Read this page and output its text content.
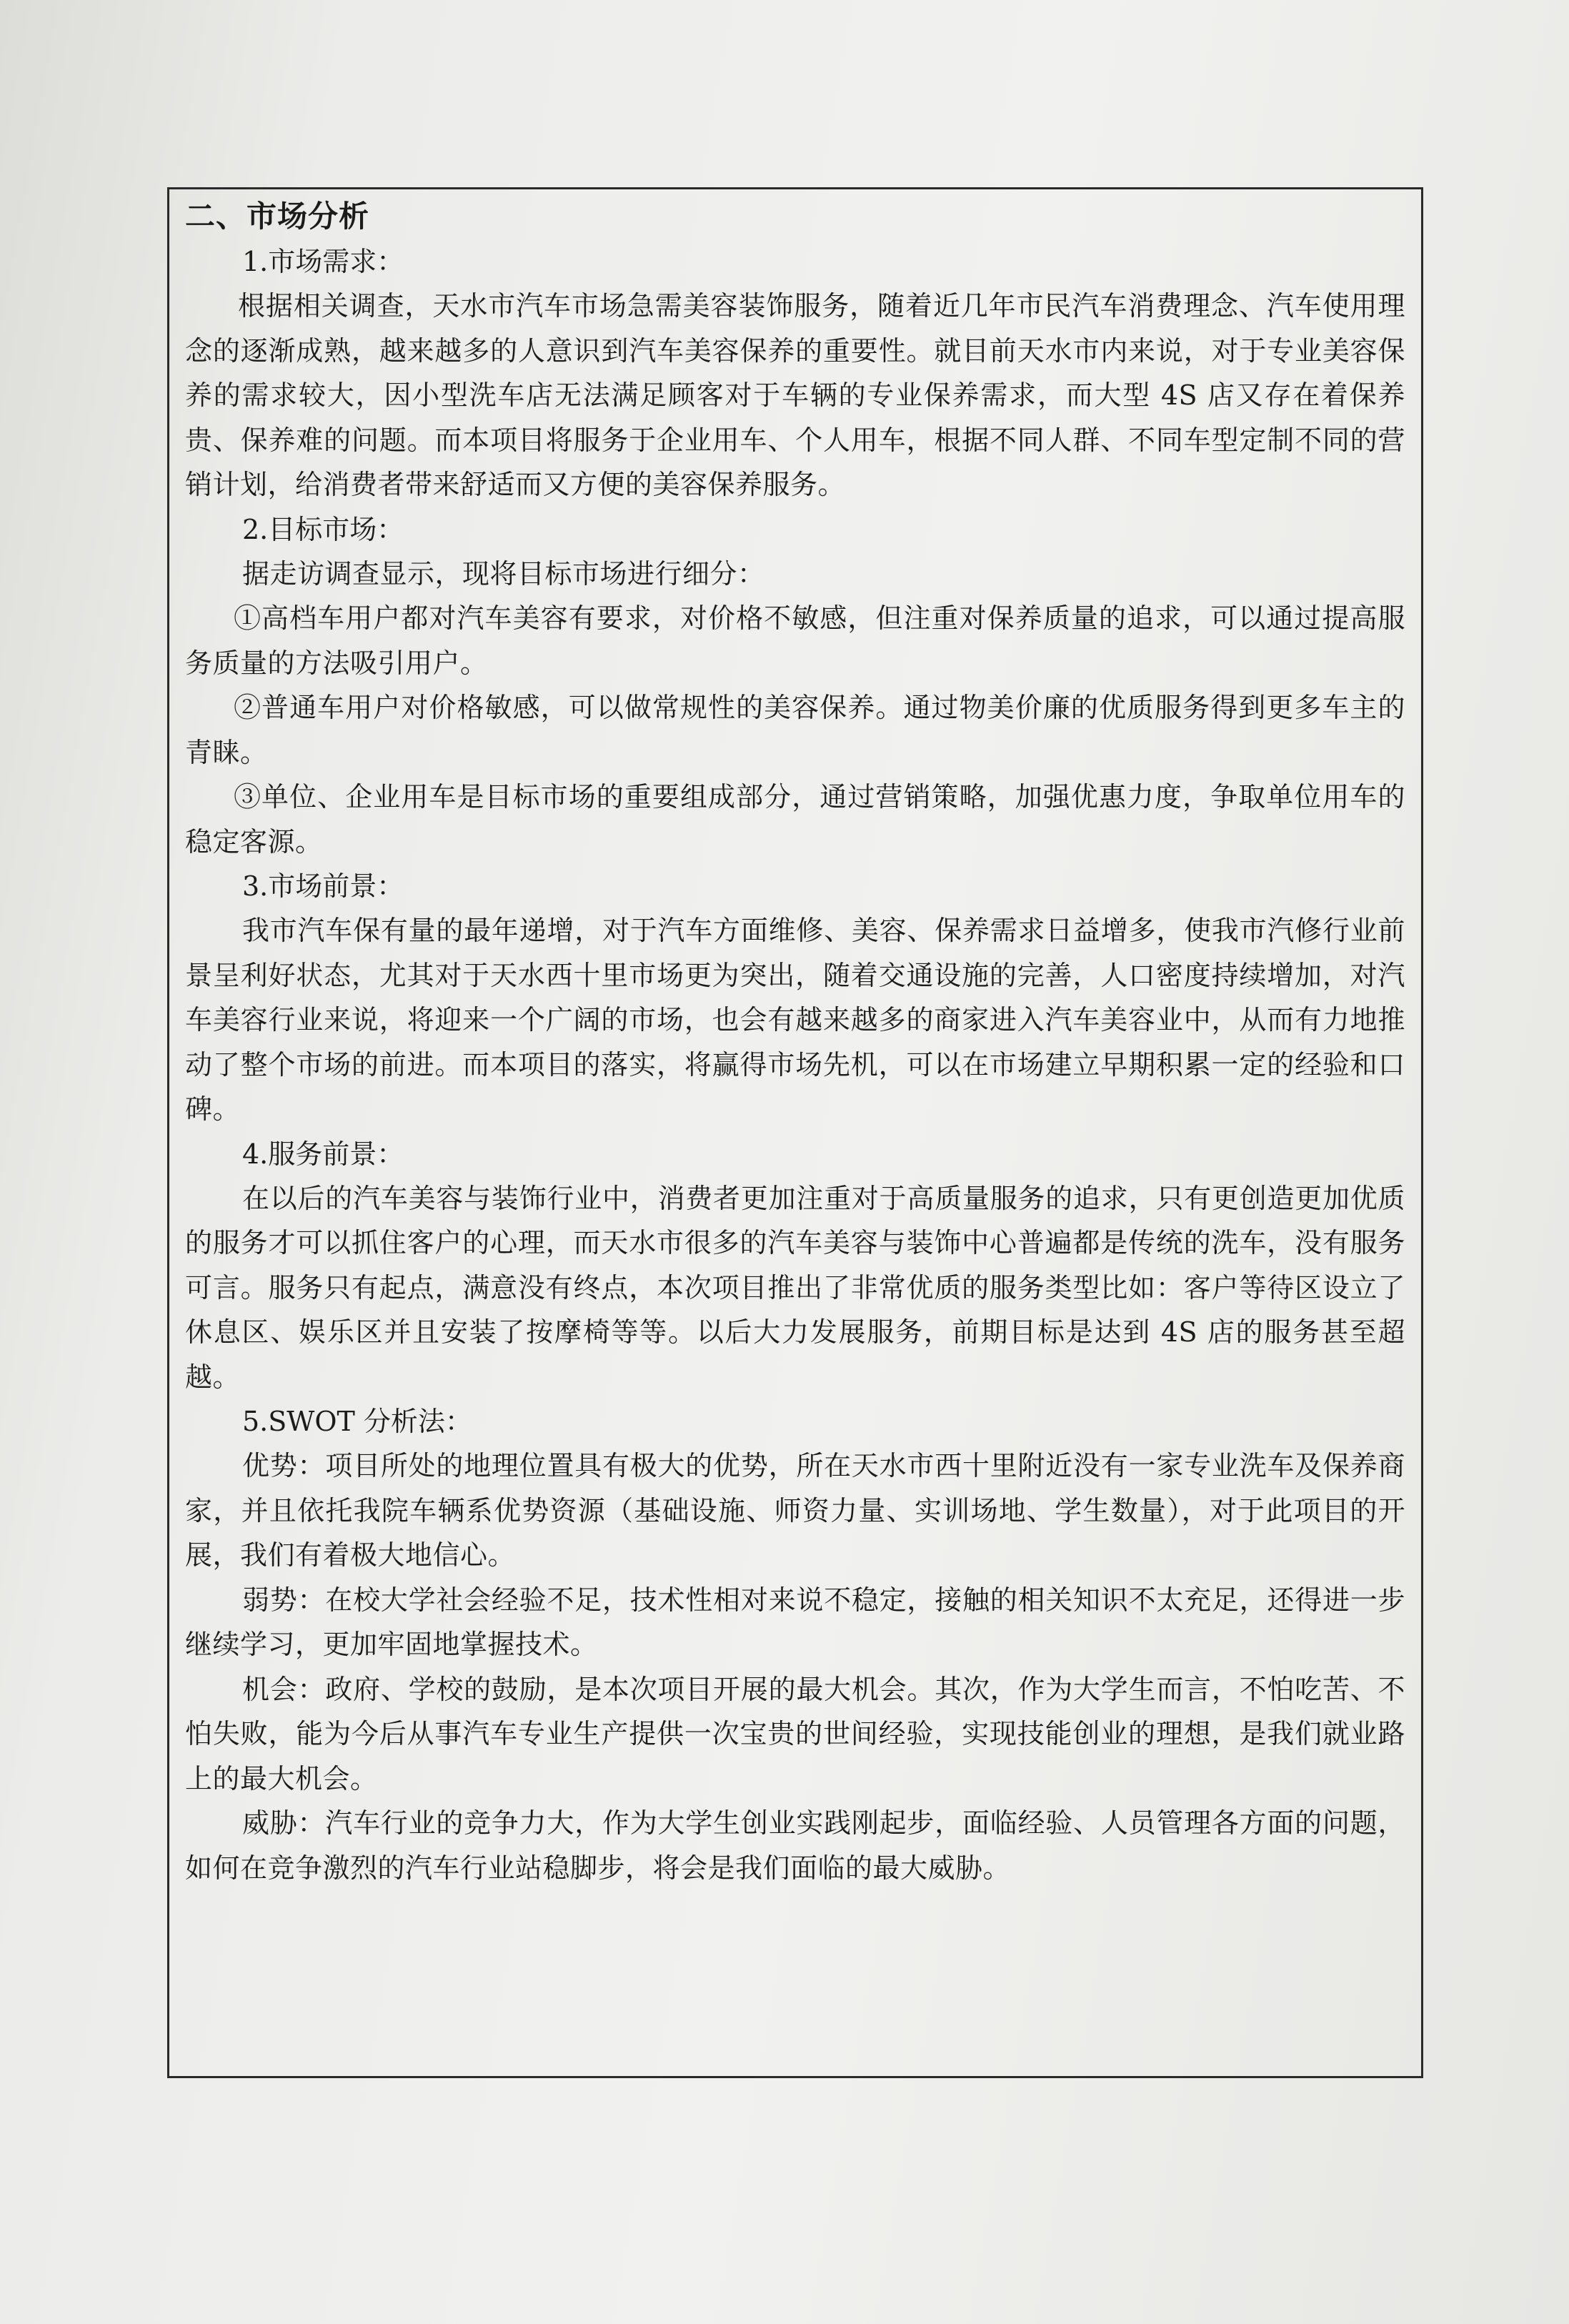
二、市场分析

1.市场需求：

根据相关调查，天水市汽车市场急需美容装饰服务，随着近几年市民汽车消费理念、汽车使用理念的逐渐成熟，越来越多的人意识到汽车美容保养的重要性。就目前天水市内来说，对于专业美容保养的需求较大，因小型洗车店无法满足顾客对于车辆的专业保养需求，而大型 4S 店又存在着保养贵、保养难的问题。而本项目将服务于企业用车、个人用车，根据不同人群、不同车型定制不同的营销计划，给消费者带来舒适而又方便的美容保养服务。

2.目标市场：

据走访调查显示，现将目标市场进行细分：

①高档车用户都对汽车美容有要求，对价格不敏感，但注重对保养质量的追求，可以通过提高服务质量的方法吸引用户。

②普通车用户对价格敏感，可以做常规性的美容保养。通过物美价廉的优质服务得到更多车主的青睐。

③单位、企业用车是目标市场的重要组成部分，通过营销策略，加强优惠力度，争取单位用车的稳定客源。

3.市场前景：

我市汽车保有量的最年递增，对于汽车方面维修、美容、保养需求日益增多，使我市汽修行业前景呈利好状态，尤其对于天水西十里市场更为突出，随着交通设施的完善，人口密度持续增加，对汽车美容行业来说，将迎来一个广阔的市场，也会有越来越多的商家进入汽车美容业中，从而有力地推动了整个市场的前进。而本项目的落实，将赢得市场先机，可以在市场建立早期积累一定的经验和口碑。

4.服务前景：

在以后的汽车美容与装饰行业中，消费者更加注重对于高质量服务的追求，只有更创造更加优质的服务才可以抓住客户的心理，而天水市很多的汽车美容与装饰中心普遍都是传统的洗车，没有服务可言。服务只有起点，满意没有终点，本次项目推出了非常优质的服务类型比如：客户等待区设立了休息区、娱乐区并且安装了按摩椅等等。以后大力发展服务，前期目标是达到 4S 店的服务甚至超越。

5.SWOT 分析法：

优势：项目所处的地理位置具有极大的优势，所在天水市西十里附近没有一家专业洗车及保养商家，并且依托我院车辆系优势资源（基础设施、师资力量、实训场地、学生数量），对于此项目的开展，我们有着极大地信心。

弱势：在校大学社会经验不足，技术性相对来说不稳定，接触的相关知识不太充足，还得进一步继续学习，更加牢固地掌握技术。

机会：政府、学校的鼓励，是本次项目开展的最大机会。其次，作为大学生而言，不怕吃苦、不怕失败，能为今后从事汽车专业生产提供一次宝贵的世间经验，实现技能创业的理想，是我们就业路上的最大机会。

威胁：汽车行业的竞争力大，作为大学生创业实践刚起步，面临经验、人员管理各方面的问题，如何在竞争激烈的汽车行业站稳脚步，将会是我们面临的最大威胁。
